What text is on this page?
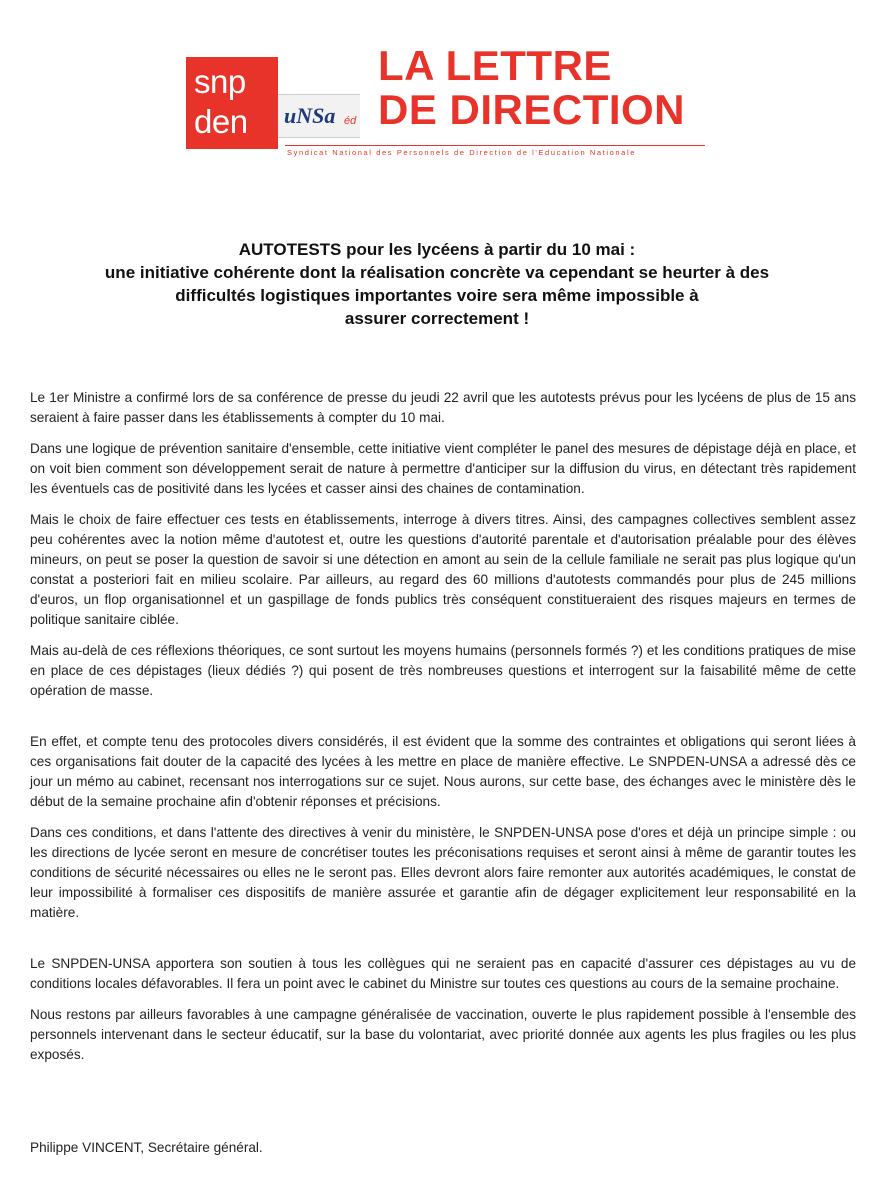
snp
den uNSa éd
LA LETTRE
DE DIRECTION
Syndicat National des Personnels de Direction de l'Education Nationale
AUTOTESTS pour les lycéens à partir du 10 mai :
une initiative cohérente dont la réalisation concrète va cependant se heurter à des
difficultés logistiques importantes voire sera même impossible à
assurer correctement !

Le 1er Ministre a confirmé lors de sa conférence de presse du jeudi 22 avril que les autotests prévus pour les lycéens de plus de 15 ans seraient à faire passer dans les établissements à compter du 10 mai.

Dans une logique de prévention sanitaire d'ensemble, cette initiative vient compléter le panel des mesures de dépistage déjà en place, et on voit bien comment son développement serait de nature à permettre d'anticiper sur la diffusion du virus, en détectant très rapidement les éventuels cas de positivité dans les lycées et casser ainsi des chaines de contamination.

Mais le choix de faire effectuer ces tests en établissements, interroge à divers titres. Ainsi, des campagnes collectives semblent assez peu cohérentes avec la notion même d'autotest et, outre les questions d'autorité parentale et d'autorisation préalable pour des élèves mineurs, on peut se poser la question de savoir si une détection en amont au sein de la cellule familiale ne serait pas plus logique qu'un constat a posteriori fait en milieu scolaire. Par ailleurs, au regard des 60 millions d'autotests commandés pour plus de 245 millions d'euros, un flop organisationnel et un gaspillage de fonds publics très conséquent constitueraient des risques majeurs en termes de politique sanitaire ciblée.

Mais au-delà de ces réflexions théoriques, ce sont surtout les moyens humains (personnels formés ?) et les conditions pratiques de mise en place de ces dépistages (lieux dédiés ?) qui posent de très nombreuses questions et interrogent sur la faisabilité même de cette opération de masse.

En effet, et compte tenu des protocoles divers considérés, il est évident que la somme des contraintes et obligations qui seront liées à ces organisations fait douter de la capacité des lycées à les mettre en place de manière effective. Le SNPDEN-UNSA a adressé dès ce jour un mémo au cabinet, recensant nos interrogations sur ce sujet. Nous aurons, sur cette base, des échanges avec le ministère dès le début de la semaine prochaine afin d'obtenir réponses et précisions.

Dans ces conditions, et dans l'attente des directives à venir du ministère, le SNPDEN-UNSA pose d'ores et déjà un principe simple : ou les directions de lycée seront en mesure de concrétiser toutes les préconisations requises et seront ainsi à même de garantir toutes les conditions de sécurité nécessaires ou elles ne le seront pas. Elles devront alors faire remonter aux autorités académiques, le constat de leur impossibilité à formaliser ces dispositifs de manière assurée et garantie afin de dégager explicitement leur responsabilité en la matière.

Le SNPDEN-UNSA apportera son soutien à tous les collègues qui ne seraient pas en capacité d'assurer ces dépistages au vu de conditions locales défavorables. Il fera un point avec le cabinet du Ministre sur toutes ces questions au cours de la semaine prochaine.

Nous restons par ailleurs favorables à une campagne généralisée de vaccination, ouverte le plus rapidement possible à l'ensemble des personnels intervenant dans le secteur éducatif, sur la base du volontariat, avec priorité donnée aux agents les plus fragiles ou les plus exposés.

Philippe VINCENT, Secrétaire général.
